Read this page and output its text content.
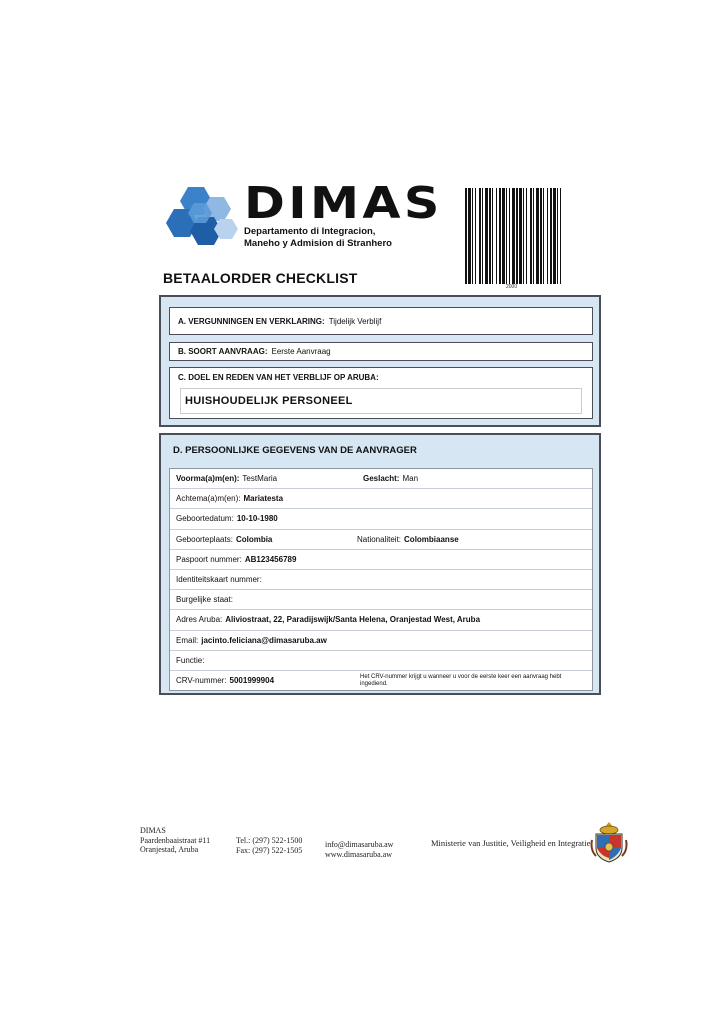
DIMAS
Departamento di Integracion,
Maneho y Admision di Stranhero
2000
BETAALORDER CHECKLIST
A. VERGUNNINGEN EN VERKLARING: Tijdelijk Verblijf
B. SOORT AANVRAAG: Eerste Aanvraag
C. DOEL EN REDEN VAN HET VERBLIJF OP ARUBA:
HUISHOUDELIJK PERSONEEL
D. PERSOONLIJKE GEGEVENS VAN DE AANVRAGER
Voorma(a)m(en): TestMaria	Geslacht: Man
Achtema(a)m(en): Mariatesta
Geboortedatum: 10-10-1980
Geboorteplaats: Colombia	Nationaliteit: Colombiaanse
Paspoort nummer: AB123456789
Identiteitskaart nummer:
Burgelijke staat:
Adres Aruba: Aliviostraat, 22, Paradijswijk/Santa Helena, Oranjestad West, Aruba
Email: jacinto.feliciana@dimasaruba.aw
Functie:
CRV-nummer: 5001999904	Het CRV-nummer krijgt u wanneer u voor de eerste keer een aanvraag hebt ingediend.
DIMAS
Paardenbaaistraat #11
Oranjestad, Aruba
Tel.: (297) 522-1500
Fax: (297) 522-1505
info@dimasaruba.aw
www.dimasaruba.aw
Ministerie van Justitie, Veiligheid en Integratie
